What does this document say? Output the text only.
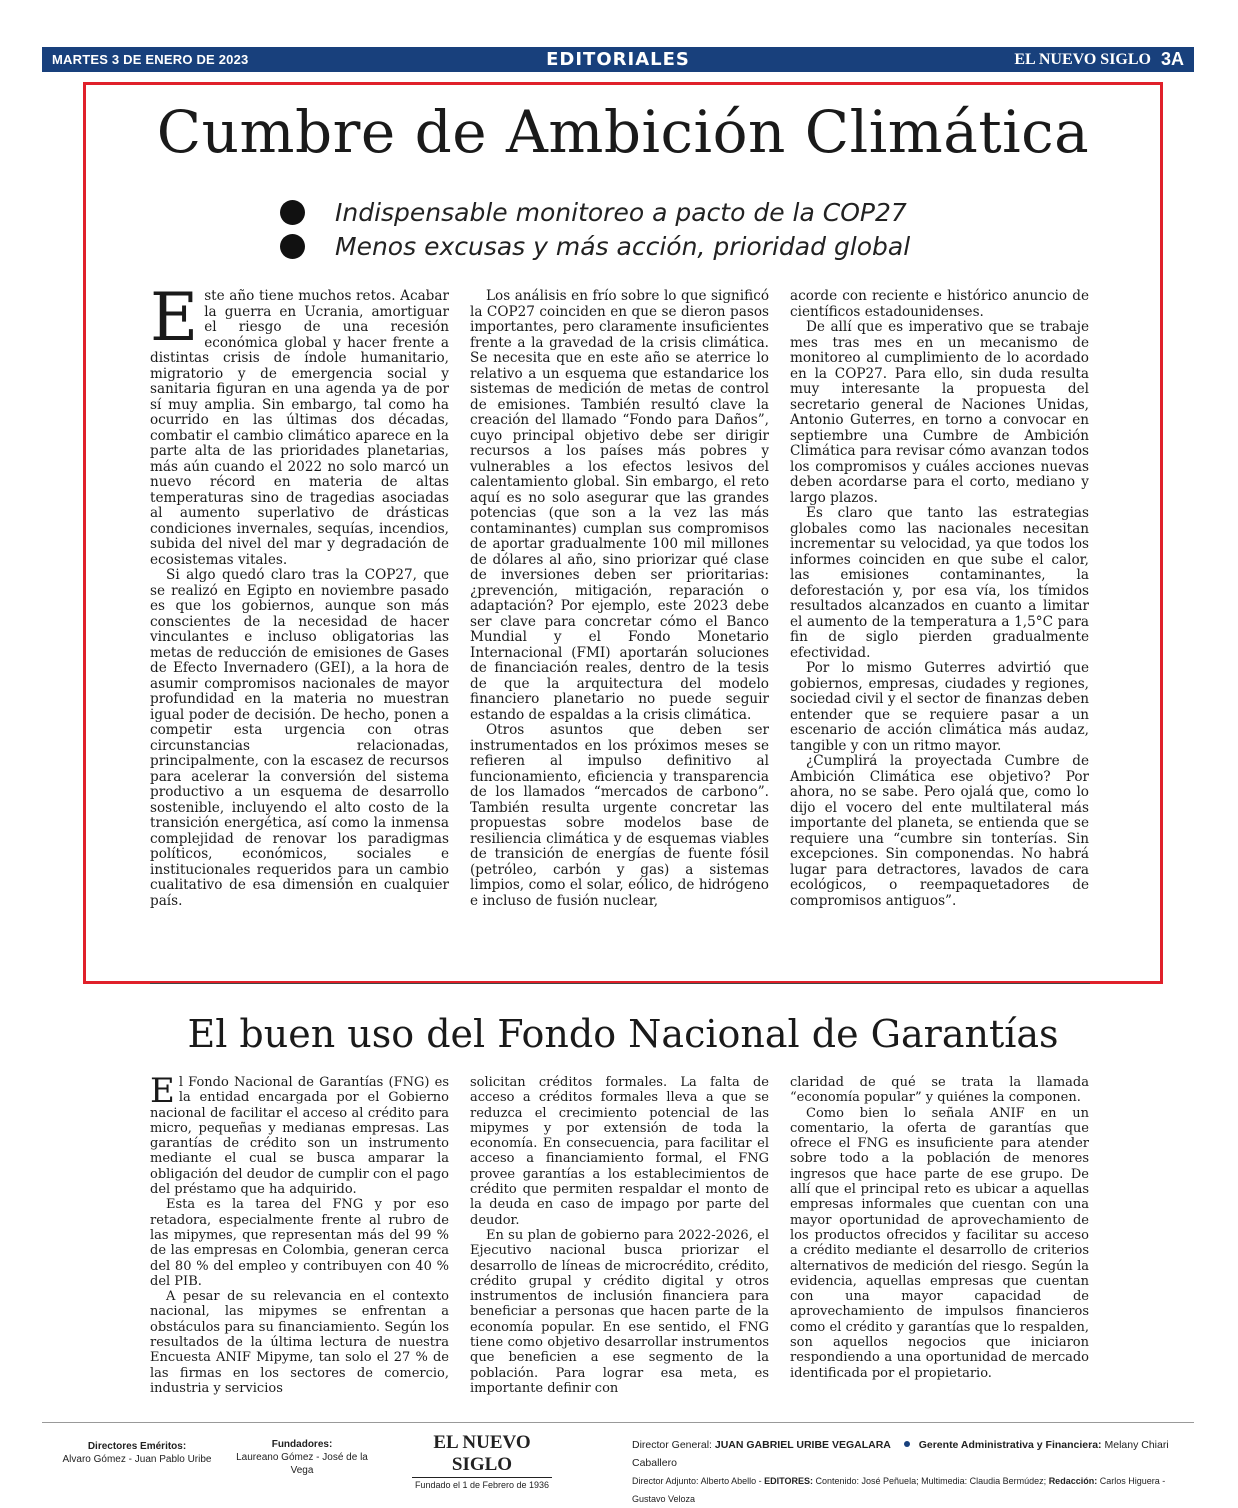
MARTES 3 DE ENERO DE 2023	EDITORIALES	EL NUEVO SIGLO 3A
Cumbre de Ambición Climática
Indispensable monitoreo a pacto de la COP27
Menos excusas y más acción, prioridad global

Este año tiene muchos retos. Acabar la guerra en Ucrania, amortiguar el riesgo de una recesión económica global y hacer frente a distintas crisis de índole humanitario, migratorio y de emergencia social y sanitaria figuran en una agenda ya de por sí muy amplia. Sin embargo, tal como ha ocurrido en las últimas dos décadas, combatir el cambio climático aparece en la parte alta de las prioridades planetarias, más aún cuando el 2022 no solo marcó un nuevo récord en materia de altas temperaturas sino de tragedias asociadas al aumento superlativo de drásticas condiciones invernales, sequías, incendios, subida del nivel del mar y degradación de ecosistemas vitales.

Si algo quedó claro tras la COP27, que se realizó en Egipto en noviembre pasado es que los gobiernos, aunque son más conscientes de la necesidad de hacer vinculantes e incluso obligatorias las metas de reducción de emisiones de Gases de Efecto Invernadero (GEI), a la hora de asumir compromisos nacionales de mayor profundidad en la materia no muestran igual poder de decisión. De hecho, ponen a competir esta urgencia con otras circunstancias relacionadas, principalmente, con la escasez de recursos para acelerar la conversión del sistema productivo a un esquema de desarrollo sostenible, incluyendo el alto costo de la transición energética, así como la inmensa complejidad de renovar los paradigmas políticos, económicos, sociales e institucionales requeridos para un cambio cualitativo de esa dimensión en cualquier país.

Los análisis en frío sobre lo que significó la COP27 coinciden en que se dieron pasos importantes, pero claramente insuficientes frente a la gravedad de la crisis climática. Se necesita que en este año se aterrice lo relativo a un esquema que estandarice los sistemas de medición de metas de control de emisiones. También resultó clave la creación del llamado “Fondo para Daños”, cuyo principal objetivo debe ser dirigir recursos a los países más pobres y vulnerables a los efectos lesivos del calentamiento global. Sin embargo, el reto aquí es no solo asegurar que las grandes potencias (que son a la vez las más contaminantes) cumplan sus compromisos de aportar gradualmente 100 mil millones de dólares al año, sino priorizar qué clase de inversiones deben ser prioritarias: ¿prevención, mitigación, reparación o adaptación? Por ejemplo, este 2023 debe ser clave para concretar cómo el Banco Mundial y el Fondo Monetario Internacional (FMI) aportarán soluciones de financiación reales, dentro de la tesis de que la arquitectura del modelo financiero planetario no puede seguir estando de espaldas a la crisis climática.

Otros asuntos que deben ser instrumentados en los próximos meses se refieren al impulso definitivo al funcionamiento, eficiencia y transparencia de los llamados “mercados de carbono”. También resulta urgente concretar las propuestas sobre modelos base de resiliencia climática y de esquemas viables de transición de energías de fuente fósil (petróleo, carbón y gas) a sistemas limpios, como el solar, eólico, de hidrógeno e incluso de fusión nuclear,

acorde con reciente e histórico anuncio de científicos estadounidenses.

De allí que es imperativo que se trabaje mes tras mes en un mecanismo de monitoreo al cumplimiento de lo acordado en la COP27. Para ello, sin duda resulta muy interesante la propuesta del secretario general de Naciones Unidas, Antonio Guterres, en torno a convocar en septiembre una Cumbre de Ambición Climática para revisar cómo avanzan todos los compromisos y cuáles acciones nuevas deben acordarse para el corto, mediano y largo plazos.

Es claro que tanto las estrategias globales como las nacionales necesitan incrementar su velocidad, ya que todos los informes coinciden en que sube el calor, las emisiones contaminantes, la deforestación y, por esa vía, los tímidos resultados alcanzados en cuanto a limitar el aumento de la temperatura a 1,5°C para fin de siglo pierden gradualmente efectividad.

Por lo mismo Guterres advirtió que gobiernos, empresas, ciudades y regiones, sociedad civil y el sector de finanzas deben entender que se requiere pasar a un escenario de acción climática más audaz, tangible y con un ritmo mayor.

¿Cumplirá la proyectada Cumbre de Ambición Climática ese objetivo? Por ahora, no se sabe. Pero ojalá que, como lo dijo el vocero del ente multilateral más importante del planeta, se entienda que se requiere una “cumbre sin tonterías. Sin excepciones. Sin componendas. No habrá lugar para detractores, lavados de cara ecológicos, o reempaquetadores de compromisos antiguos”.

El buen uso del Fondo Nacional de Garantías

El Fondo Nacional de Garantías (FNG) es la entidad encargada por el Gobierno nacional de facilitar el acceso al crédito para micro, pequeñas y medianas empresas. Las garantías de crédito son un instrumento mediante el cual se busca amparar la obligación del deudor de cumplir con el pago del préstamo que ha adquirido.

Esta es la tarea del FNG y por eso retadora, especialmente frente al rubro de las mipymes, que representan más del 99 % de las empresas en Colombia, generan cerca del 80 % del empleo y contribuyen con 40 % del PIB.

A pesar de su relevancia en el contexto nacional, las mipymes se enfrentan a obstáculos para su financiamiento. Según los resultados de la última lectura de nuestra Encuesta ANIF Mipyme, tan solo el 27 % de las firmas en los sectores de comercio, industria y servicios

solicitan créditos formales. La falta de acceso a créditos formales lleva a que se reduzca el crecimiento potencial de las mipymes y por extensión de toda la economía. En consecuencia, para facilitar el acceso a financiamiento formal, el FNG provee garantías a los establecimientos de crédito que permiten respaldar el monto de la deuda en caso de impago por parte del deudor.

En su plan de gobierno para 2022-2026, el Ejecutivo nacional busca priorizar el desarrollo de líneas de microcrédito, crédito, crédito grupal y crédito digital y otros instrumentos de inclusión financiera para beneficiar a personas que hacen parte de la economía popular. En ese sentido, el FNG tiene como objetivo desarrollar instrumentos que beneficien a ese segmento de la población. Para lograr esa meta, es importante definir con

claridad de qué se trata la llamada “economía popular” y quiénes la componen.

Como bien lo señala ANIF en un comentario, la oferta de garantías que ofrece el FNG es insuficiente para atender sobre todo a la población de menores ingresos que hace parte de ese grupo. De allí que el principal reto es ubicar a aquellas empresas informales que cuentan con una mayor oportunidad de aprovechamiento de los productos ofrecidos y facilitar su acceso a crédito mediante el desarrollo de criterios alternativos de medición del riesgo. Según la evidencia, aquellas empresas que cuentan con una mayor capacidad de aprovechamiento de impulsos financieros como el crédito y garantías que lo respalden, son aquellos negocios que iniciaron respondiendo a una oportunidad de mercado identificada por el propietario.

Directores Eméritos:
Alvaro Gómez - Juan Pablo Uribe
Fundadores:
Laureano Gómez - José de la Vega
EL NUEVO SIGLO
Fundado el 1 de Febrero de 1936
Director General: JUAN GABRIEL URIBE VEGALARA	Gerente Administrativa y Financiera: Melany Chiari Caballero
Director Adjunto: Alberto Abello - EDITORES: Contenido: José Peñuela; Multimedia: Claudia Bermúdez; Redacción: Carlos Higuera - Gustavo Veloza
